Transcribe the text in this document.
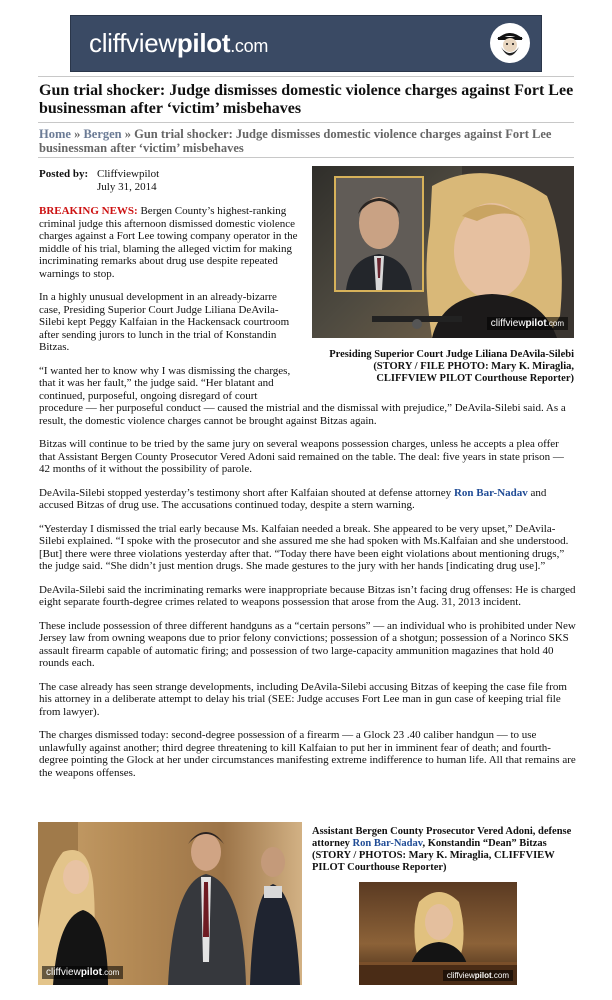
cliffviewpilot.com
Gun trial shocker: Judge dismisses domestic violence charges against Fort Lee businessman after ‘victim’ misbehaves
Home » Bergen » Gun trial shocker: Judge dismisses domestic violence charges against Fort Lee businessman after ‘victim’ misbehaves
Posted by: Cliffviewpilot
July 31, 2014
cliffviewpilot.com
Presiding Superior Court Judge Liliana DeAvila-Silebi (STORY / FILE PHOTO: Mary K. Miraglia, CLIFFVIEW PILOT Courthouse Reporter)

BREAKING NEWS: Bergen County’s highest-ranking criminal judge this afternoon dismissed domestic violence charges against a Fort Lee towing company operator in the middle of his trial, blaming the alleged victim for making incriminating remarks about drug use despite repeated warnings to stop.

In a highly unusual development in an already-bizarre case, Presiding Superior Court Judge Liliana DeAvila-Silebi kept Peggy Kalfaian in the Hackensack courtroom after sending jurors to lunch in the trial of Konstandin Bitzas.

“I wanted her to know why I was dismissing the charges, that it was her fault,” the judge said. “Her blatant and continued, purposeful, ongoing disregard of court procedure — her purposeful conduct — caused the mistrial and the dismissal with prejudice,” DeAvila-Silebi said. As a result, the domestic violence charges cannot be brought against Bitzas again.

Bitzas will continue to be tried by the same jury on several weapons possession charges, unless he accepts a plea offer that Assistant Bergen County Prosecutor Vered Adoni said remained on the table. The deal: five years in state prison — 42 months of it without the possibility of parole.

DeAvila-Silebi stopped yesterday’s testimony short after Kalfaian shouted at defense attorney Ron Bar-Nadav and accused Bitzas of drug use. The accusations continued today, despite a stern warning.

“Yesterday I dismissed the trial early because Ms. Kalfaian needed a break. She appeared to be very upset,” DeAvila-Silebi explained. “I spoke with the prosecutor and she assured me she had spoken with Ms.Kalfaian and she understood. [But] there were three violations yesterday after that. “Today there have been eight violations about mentioning drugs,” the judge said. “She didn’t just mention drugs. She made gestures to the jury with her hands [indicating drug use].”

DeAvila-Silebi said the incriminating remarks were inappropriate because Bitzas isn’t facing drug offenses: He is charged eight separate fourth-degree crimes related to weapons possession that arose from the Aug. 31, 2013 incident.

These include possession of three different handguns as a “certain persons” — an individual who is prohibited under New Jersey law from owning weapons due to prior felony convictions; possession of a shotgun; possession of a Norinco SKS assault firearm capable of automatic firing; and possession of two large-capacity ammunition magazines that hold 40 rounds each.

The case already has seen strange developments, including DeAvila-Silebi accusing Bitzas of keeping the case file from his attorney in a deliberate attempt to delay his trial (SEE: Judge accuses Fort Lee man in gun case of keeping trial file from lawyer).

The charges dismissed today: second-degree possession of a firearm — a Glock 23 .40 caliber handgun — to use unlawfully against another; third degree threatening to kill Kalfaian to put her in imminent fear of death; and fourth-degree pointing the Glock at her under circumstances manifesting extreme indifference to human life. All that remains are the weapons offenses.

cliffviewpilot.com
Assistant Bergen County Prosecutor Vered Adoni, defense attorney Ron Bar-Nadav, Konstandin “Dean” Bitzas (STORY / PHOTOS: Mary K. Miraglia, CLIFFVIEW PILOT Courthouse Reporter)
cliffviewpilot.com
